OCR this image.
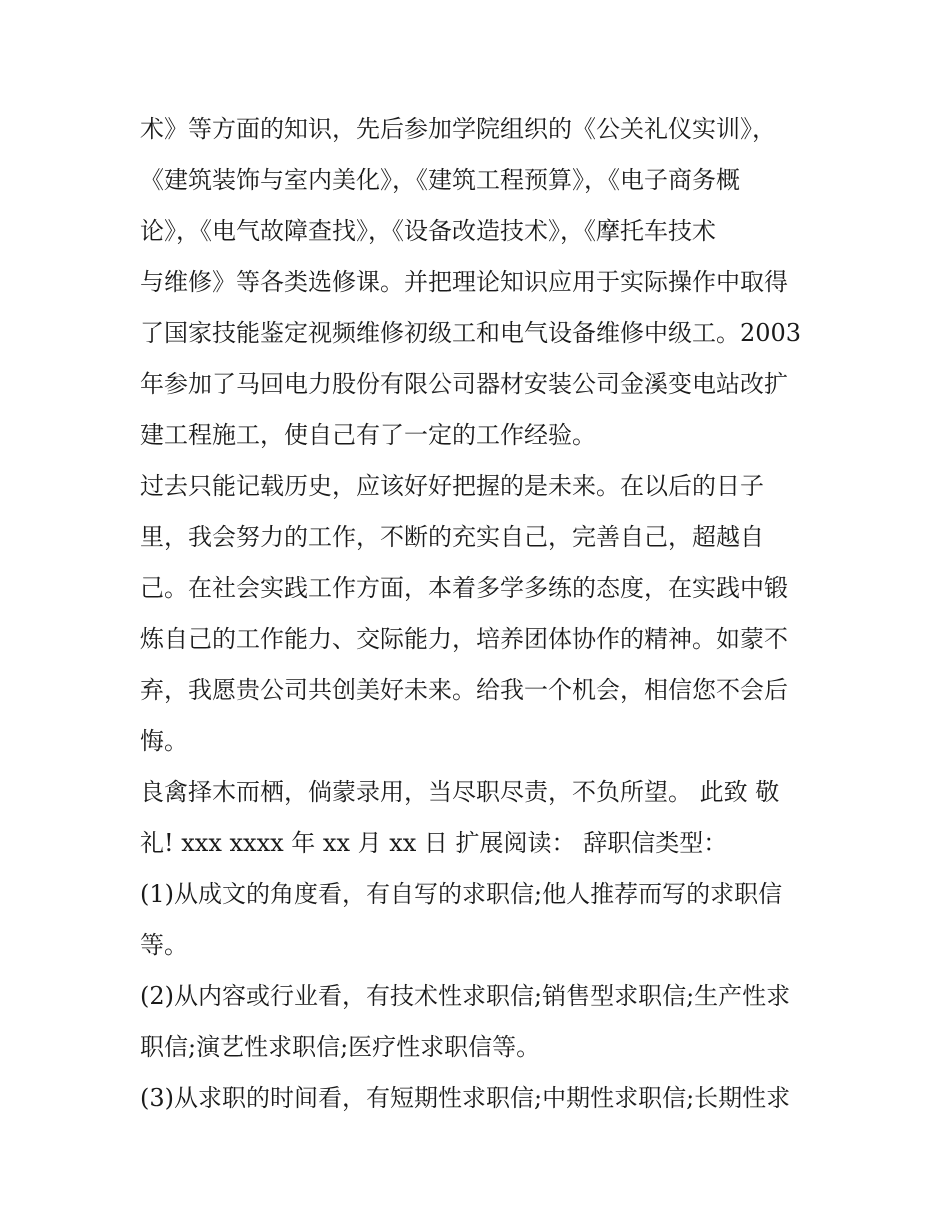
术》等方面的知识，先后参加学院组织的《公关礼仪实训》，
《建筑装饰与室内美化》，《建筑工程预算》，《电子商务概
论》，《电气故障查找》，《设备改造技术》，《摩托车技术
与维修》等各类选修课。并把理论知识应用于实际操作中取得
了国家技能鉴定视频维修初级工和电气设备维修中级工。2003
年参加了马回电力股份有限公司器材安装公司金溪变电站改扩
建工程施工，使自己有了一定的工作经验。
过去只能记载历史，应该好好把握的是未来。在以后的日子
里，我会努力的工作，不断的充实自己，完善自己，超越自
己。在社会实践工作方面，本着多学多练的态度，在实践中锻
炼自己的工作能力、交际能力，培养团体协作的精神。如蒙不
弃，我愿贵公司共创美好未来。给我一个机会，相信您不会后
悔。
良禽择木而栖，倘蒙录用，当尽职尽责，不负所望。 此致 敬
礼! xxx xxxx 年 xx 月 xx 日 扩展阅读： 辞职信类型：
(1)从成文的角度看，有自写的求职信;他人推荐而写的求职信
等。
(2)从内容或行业看，有技术性求职信;销售型求职信;生产性求
职信;演艺性求职信;医疗性求职信等。
(3)从求职的时间看，有短期性求职信;中期性求职信;长期性求
